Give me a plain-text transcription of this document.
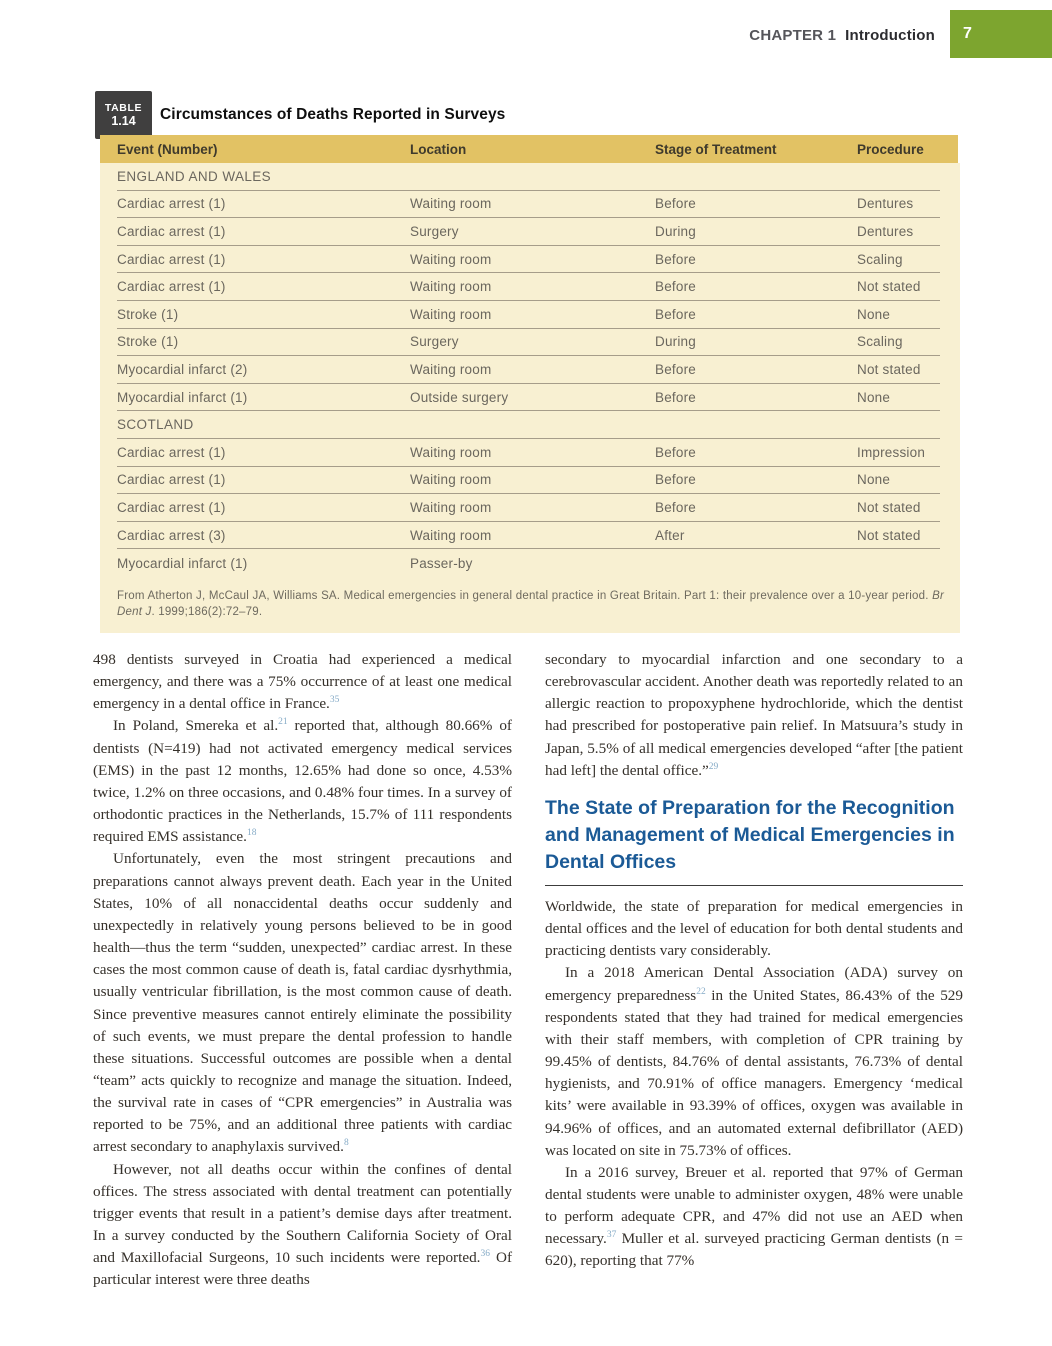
CHAPTER 1 Introduction 7
TABLE
1.14 Circumstances of Deaths Reported in Surveys
Event (Number)	Location	Stage of Treatment	Procedure
ENGLAND AND WALES
Cardiac arrest (1)	Waiting room	Before	Dentures
Cardiac arrest (1)	Surgery	During	Dentures
Cardiac arrest (1)	Waiting room	Before	Scaling
Cardiac arrest (1)	Waiting room	Before	Not stated
Stroke (1)	Waiting room	Before	None
Stroke (1)	Surgery	During	Scaling
Myocardial infarct (2)	Waiting room	Before	Not stated
Myocardial infarct (1)	Outside surgery	Before	None
SCOTLAND
Cardiac arrest (1)	Waiting room	Before	Impression
Cardiac arrest (1)	Waiting room	Before	None
Cardiac arrest (1)	Waiting room	Before	Not stated
Cardiac arrest (3)	Waiting room	After	Not stated
Myocardial infarct (1)	Passer-by

From Atherton J, McCaul JA, Williams SA. Medical emergencies in general dental practice in Great Britain. Part 1: their prevalence over a 10-year period. Br Dent J. 1999;186(2):72–79.

498 dentists surveyed in Croatia had experienced a medical emergency, and there was a 75% occurrence of at least one medical emergency in a dental office in France.$^{35}$

In Poland, Smereka et al.$^{21}$ reported that, although 80.66% of dentists (N=419) had not activated emergency medical services (EMS) in the past 12 months, 12.65% had done so once, 4.53% twice, 1.2% on three occasions, and 0.48% four times. In a survey of orthodontic practices in the Netherlands, 15.7% of 111 respondents required EMS assistance.$^{18}$

Unfortunately, even the most stringent precautions and preparations cannot always prevent death. Each year in the United States, 10% of all nonaccidental deaths occur suddenly and unexpectedly in relatively young persons believed to be in good health—thus the term “sudden, unexpected” cardiac arrest. In these cases the most common cause of death is, fatal cardiac dysrhythmia, usually ventricular fibrillation, is the most common cause of death. Since preventive measures cannot entirely eliminate the possibility of such events, we must prepare the dental profession to handle these situations. Successful outcomes are possible when a dental “team” acts quickly to recognize and manage the situation. Indeed, the survival rate in cases of “CPR emergencies” in Australia was reported to be 75%, and an additional three patients with cardiac arrest secondary to anaphylaxis survived.$^8$

However, not all deaths occur within the confines of dental offices. The stress associated with dental treatment can potentially trigger events that result in a patient’s demise days after treatment. In a survey conducted by the Southern California Society of Oral and Maxillofacial Surgeons, 10 such incidents were reported.$^{36}$ Of particular interest were three deaths

secondary to myocardial infarction and one secondary to a cerebrovascular accident. Another death was reportedly related to an allergic reaction to propoxyphene hydrochloride, which the dentist had prescribed for postoperative pain relief. In Matsuura’s study in Japan, 5.5% of all medical emergencies developed “after [the patient had left] the dental office.”$^{29}$

The State of Preparation for the Recognition and Management of Medical Emergencies in Dental Offices

Worldwide, the state of preparation for medical emergencies in dental offices and the level of education for both dental students and practicing dentists vary considerably.

In a 2018 American Dental Association (ADA) survey on emergency preparedness$^{22}$ in the United States, 86.43% of the 529 respondents stated that they had trained for medical emergencies with their staff members, with completion of CPR training by 99.45% of dentists, 84.76% of dental assistants, 76.73% of dental hygienists, and 70.91% of office managers. Emergency ‘medical kits’ were available in 93.39% of offices, oxygen was available in 94.96% of offices, and an automated external defibrillator (AED) was located on site in 75.73% of offices.

In a 2016 survey, Breuer et al. reported that 97% of German dental students were unable to administer oxygen, 48% were unable to perform adequate CPR, and 47% did not use an AED when necessary.$^{37}$ Muller et al. surveyed practicing German dentists (n = 620), reporting that 77%
